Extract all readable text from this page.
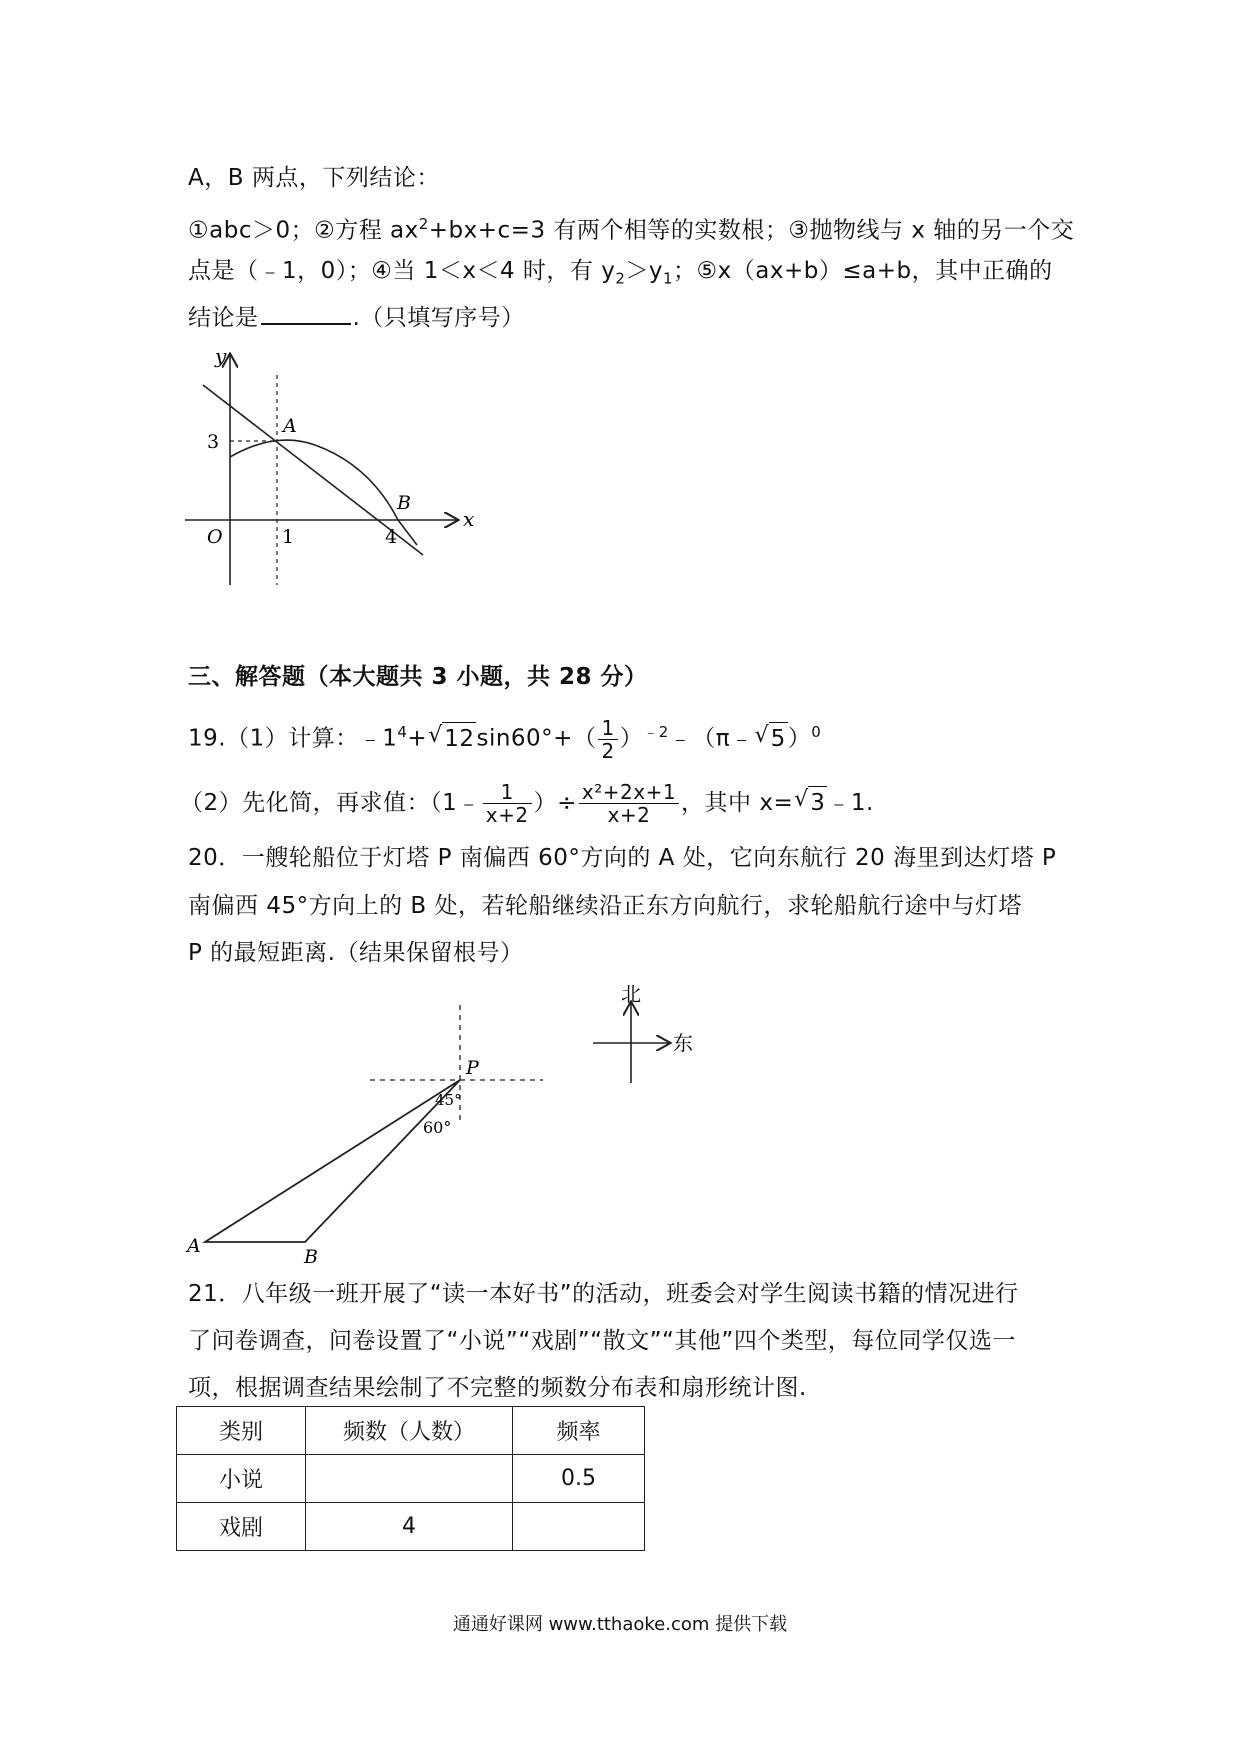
A，B 两点，下列结论：
①abc＞0；②方程 $ax^2+bx+c=3$ 有两个相等的实数根；③抛物线与 x 轴的另一个交
点是（﹣1，0）；④当 1＜x＜4 时，有 $y_2>y_1$；⑤x（ax+b）≤a+b，其中正确的
结论是	.（只填写序号）
y
x
O
3
1	4
A
B
三、解答题（本大题共 3 小题，共 28 分）
19.（1）计算：$﹣1^4+$ √ $12\sin 60^\circ+( \frac{1}{2}$ ）$^{﹣2}﹣(\pi﹣$ √ 5）$^0$
（2）先化简，再求值：（1﹣ $\frac{1}{x+2}$ ）÷ $\frac{\text{x²+2x+1}}{x+2}$ ，其中 x= √ 3﹣1.
20．一艘轮船位于灯塔 P 南偏西 60°方向的 A 处，它向东航行 20 海里到达灯塔 P
南偏西 45°方向上的 B 处，若轮船继续沿正东方向航行，求轮船航行途中与灯塔
P 的最短距离.（结果保留根号）
P
A	B
45°
60°
北
东
21．八年级一班开展了“读一本好书”的活动，班委会对学生阅读书籍的情况进行
了问卷调查，问卷设置了“小说”“戏剧”“散文”“其他”四个类型，每位同学仅选一
项，根据调查结果绘制了不完整的频数分布表和扇形统计图.
类别	频数（人数）	频率
小说		0.5
戏剧	4	
通通好课网 www.tthaoke.com 提供下载
